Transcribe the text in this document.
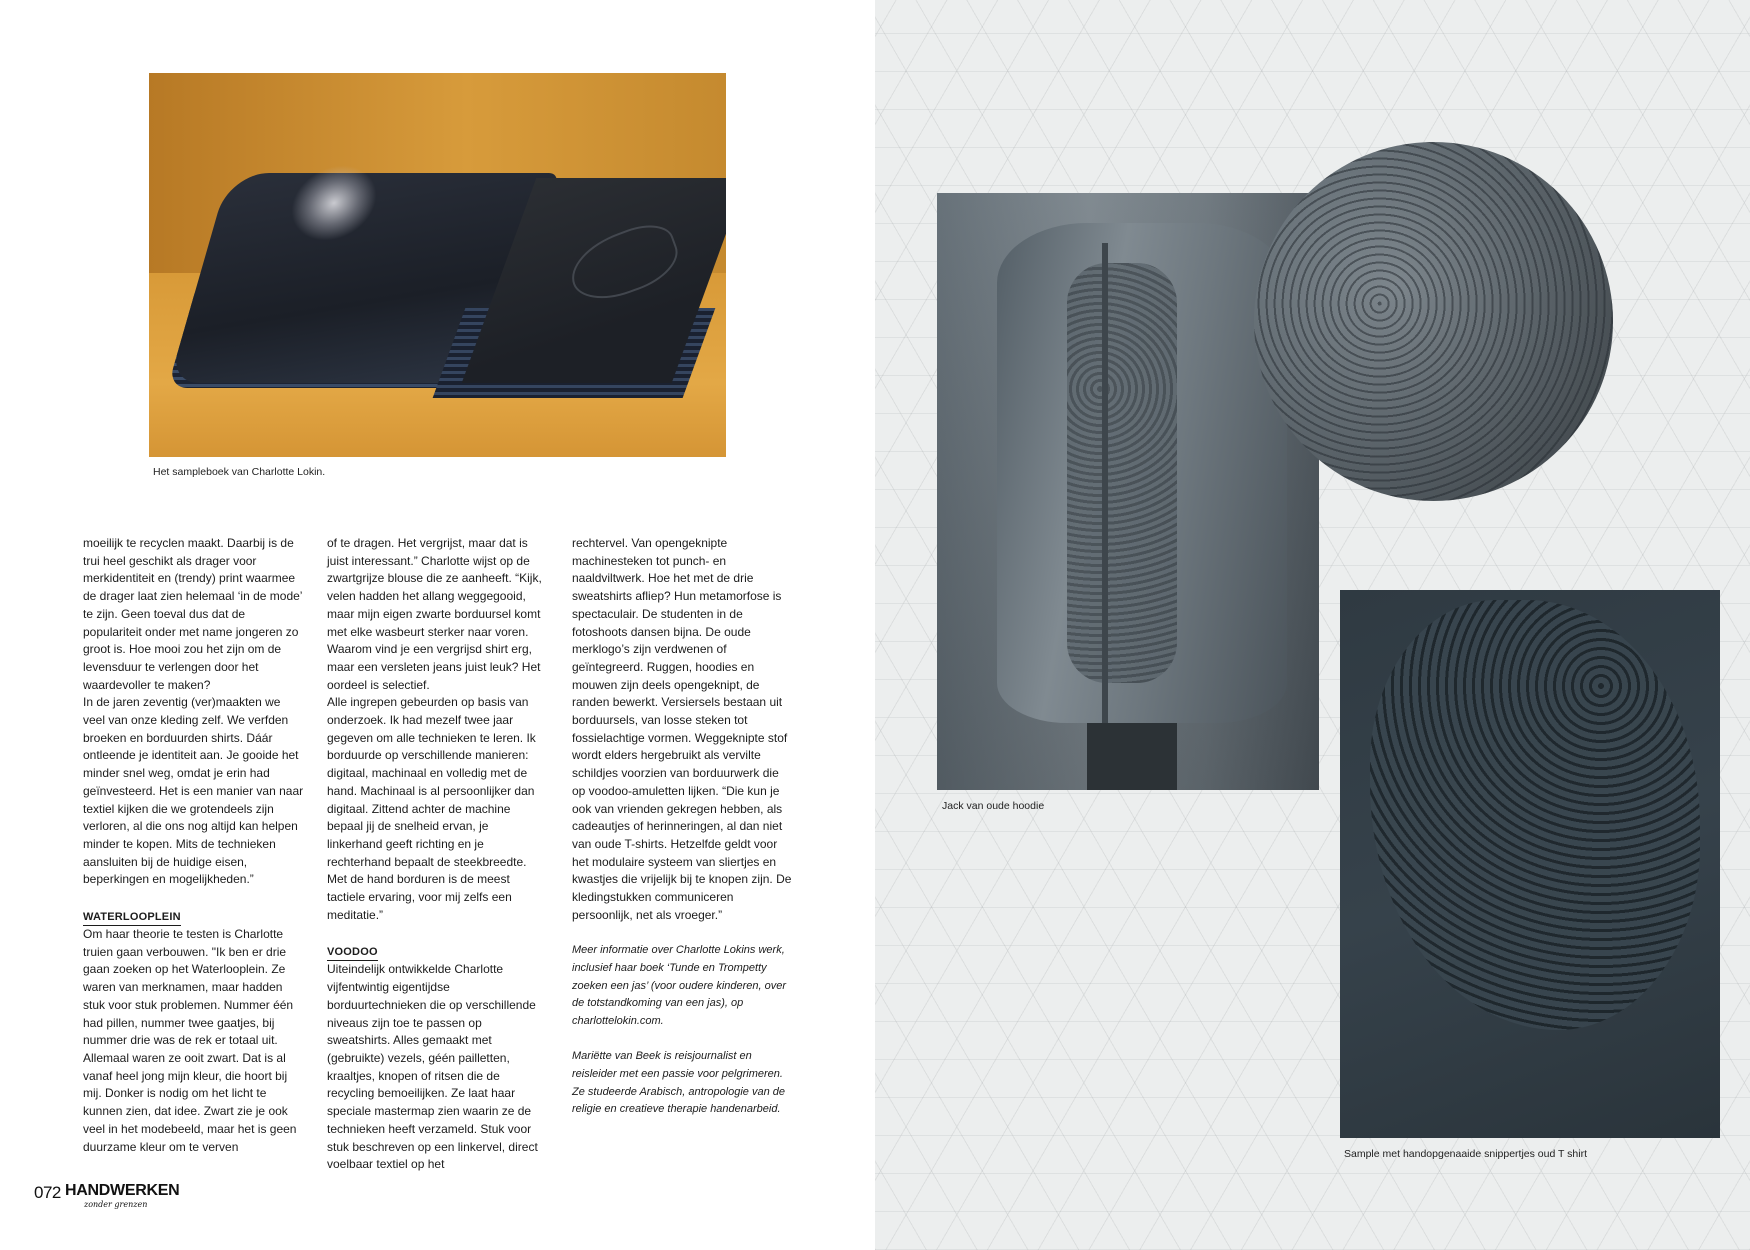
Het sampleboek van Charlotte Lokin.

moeilijk te recyclen maakt. Daarbij is de trui heel geschikt als drager voor merkidentiteit en (trendy) print waarmee de drager laat zien helemaal ‘in de mode’ te zijn. Geen toeval dus dat de populariteit onder met name jongeren zo groot is. Hoe mooi zou het zijn om de levensduur te verlengen door het waardevoller te maken?

In de jaren zeventig (ver)maakten we veel van onze kleding zelf. We verfden broeken en borduurden shirts. Dáár ontleende je identiteit aan. Je gooide het minder snel weg, omdat je erin had geïnvesteerd. Het is een manier van naar textiel kijken die we grotendeels zijn verloren, al die ons nog altijd kan helpen minder te kopen. Mits de technieken aansluiten bij de huidige eisen, beperkingen en mogelijkheden.”

WATERLOOPLEIN

Om haar theorie te testen is Charlotte truien gaan verbouwen. "Ik ben er drie gaan zoeken op het Waterlooplein. Ze waren van merknamen, maar hadden stuk voor stuk problemen. Nummer één had pillen, nummer twee gaatjes, bij nummer drie was de rek er totaal uit. Allemaal waren ze ooit zwart. Dat is al vanaf heel jong mijn kleur, die hoort bij mij. Donker is nodig om het licht te kunnen zien, dat idee. Zwart zie je ook veel in het modebeeld, maar het is geen duurzame kleur om te verven

of te dragen. Het vergrijst, maar dat is juist interessant.” Charlotte wijst op de zwartgrijze blouse die ze aanheeft. “Kijk, velen hadden het allang weggegooid, maar mijn eigen zwarte borduursel komt met elke wasbeurt sterker naar voren. Waarom vind je een vergrijsd shirt erg, maar een versleten jeans juist leuk? Het oordeel is selectief.

Alle ingrepen gebeurden op basis van onderzoek. Ik had mezelf twee jaar gegeven om alle technieken te leren. Ik borduurde op verschillende manieren: digitaal, machinaal en volledig met de hand. Machinaal is al persoonlijker dan digitaal. Zittend achter de machine bepaal jij de snelheid ervan, je linkerhand geeft richting en je rechterhand bepaalt de steekbreedte. Met de hand borduren is de meest tactiele ervaring, voor mij zelfs een meditatie.”

VOODOO

Uiteindelijk ontwikkelde Charlotte vijfentwintig eigentijdse borduurtechnieken die op verschillende niveaus zijn toe te passen op sweatshirts. Alles gemaakt met (gebruikte) vezels, géén pailletten, kraaltjes, knopen of ritsen die de recycling bemoeilijken. Ze laat haar speciale mastermap zien waarin ze de technieken heeft verzameld. Stuk voor stuk beschreven op een linkervel, direct voelbaar textiel op het

rechtervel. Van opengeknipte machinesteken tot punch- en naaldviltwerk. Hoe het met de drie sweatshirts afliep? Hun metamorfose is spectaculair. De studenten in de fotoshoots dansen bijna. De oude merklogo’s zijn verdwenen of geïntegreerd. Ruggen, hoodies en mouwen zijn deels opengeknipt, de randen bewerkt. Versiersels bestaan uit borduursels, van losse steken tot fossielachtige vormen. Weggeknipte stof wordt elders hergebruikt als vervilte schildjes voorzien van borduurwerk die op voodoo-amuletten lijken. “Die kun je ook van vrienden gekregen hebben, als cadeautjes of herinneringen, al dan niet van oude T-shirts. Hetzelfde geldt voor het modulaire systeem van sliertjes en kwastjes die vrijelijk bij te knopen zijn. De kledingstukken communiceren persoonlijk, net als vroeger.”

Meer informatie over Charlotte Lokins werk, inclusief haar boek ‘Tunde en Trompetty zoeken een jas’ (voor oudere kinderen, over de totstandkoming van een jas), op charlottelokin.com.

Mariëtte van Beek is reisjournalist en reisleider met een passie voor pelgrimeren. Ze studeerde Arabisch, antropologie van de religie en creatieve therapie handenarbeid.

072 HANDWERKEN
zonder grenzen
Jack van oude hoodie
Sample met handopgenaaide snippertjes oud T shirt
